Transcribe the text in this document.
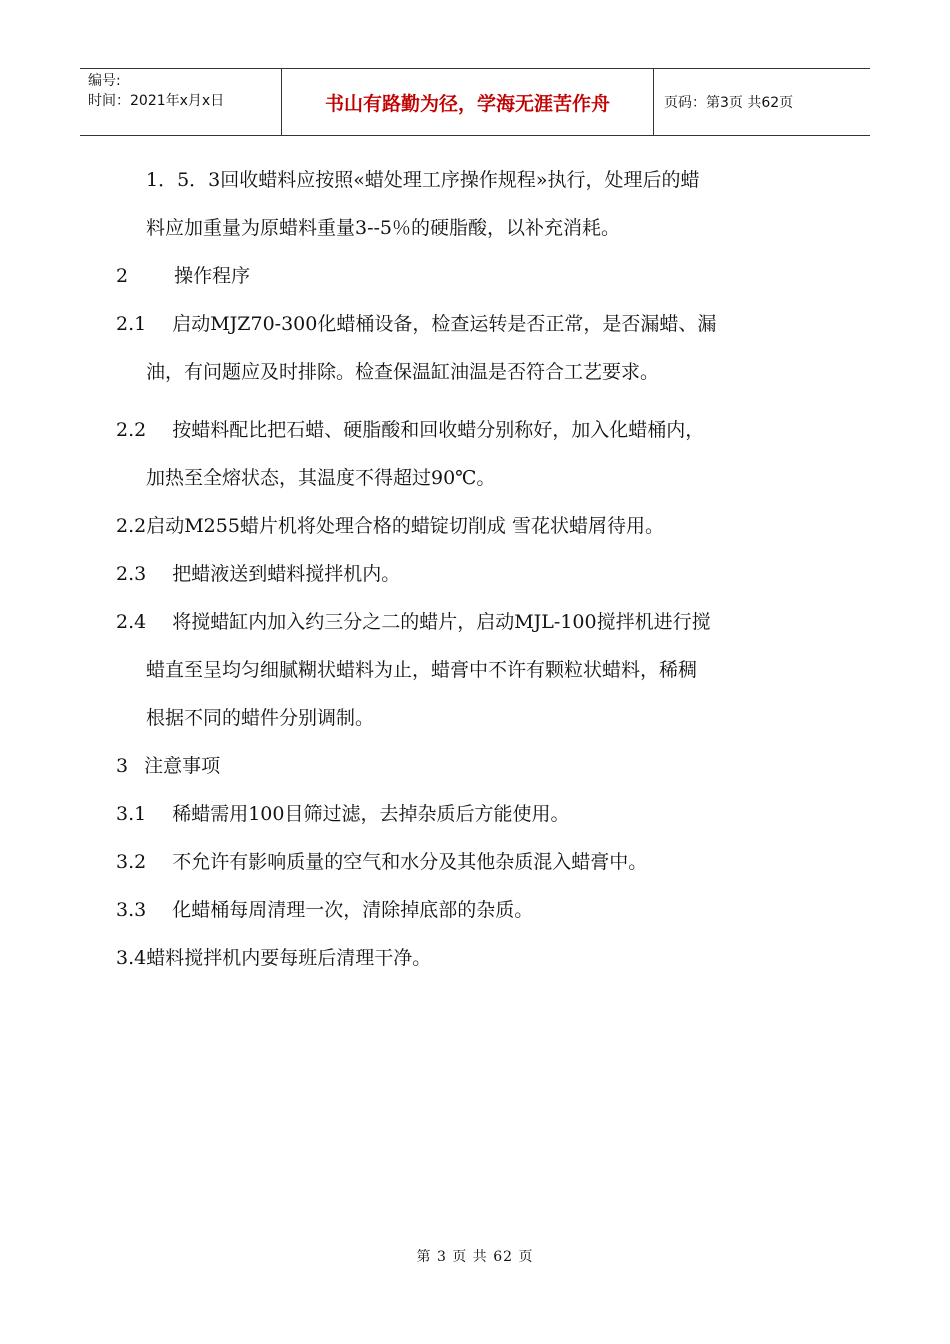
编号:
时间：2021年x月x日	书山有路勤为径，学海无涯苦作舟	页码：第3页 共62页

1．5．3回收蜡料应按照«蜡处理工序操作规程»执行，处理后的蜡

料应加重量为原蜡料重量3--5％的硬脂酸，以补充消耗。

2 操作程序

2.1 启动MJZ70-300化蜡桶设备，检查运转是否正常，是否漏蜡、漏

油，有问题应及时排除。检查保温缸油温是否符合工艺要求。

2.2 按蜡料配比把石蜡、硬脂酸和回收蜡分别称好，加入化蜡桶内，

加热至全熔状态，其温度不得超过90℃。

2.2启动M255蜡片机将处理合格的蜡锭切削成 雪花状蜡屑待用。

2.3 把蜡液送到蜡料搅拌机内。

2.4 将搅蜡缸内加入约三分之二的蜡片，启动MJL-100搅拌机进行搅

蜡直至呈均匀细腻糊状蜡料为止，蜡膏中不许有颗粒状蜡料，稀稠

根据不同的蜡件分别调制。

3 注意事项

3.1 稀蜡需用100目筛过滤，去掉杂质后方能使用。

3.2 不允许有影响质量的空气和水分及其他杂质混入蜡膏中。

3.3 化蜡桶每周清理一次，清除掉底部的杂质。

3.4蜡料搅拌机内要每班后清理干净。

第 3 页 共 62 页
